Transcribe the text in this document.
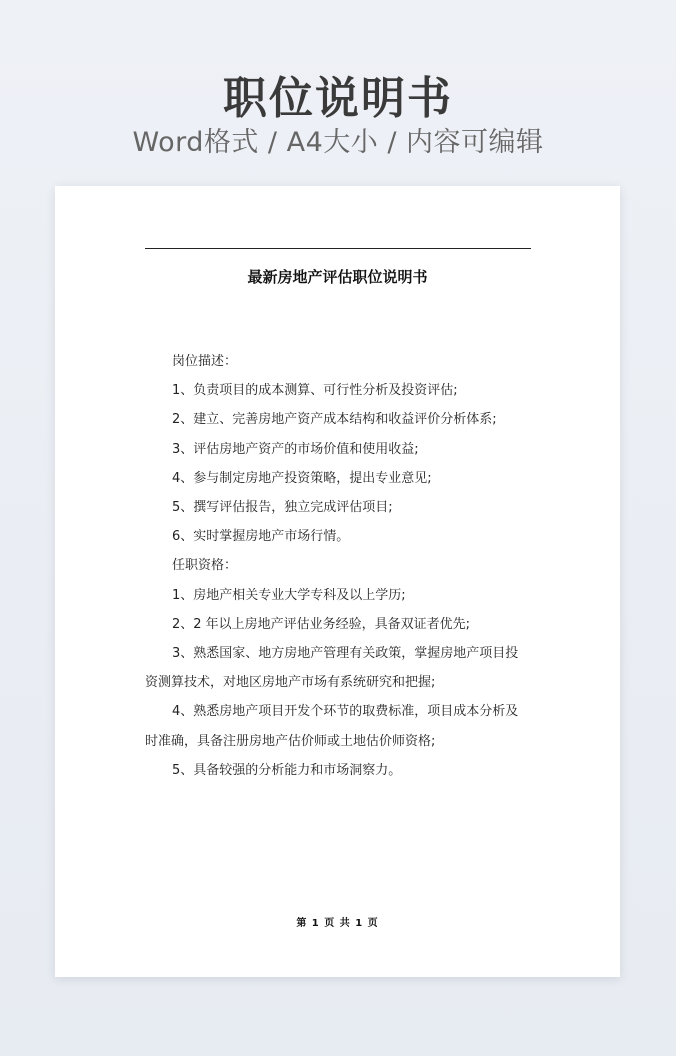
职位说明书
Word格式 / A4大小 / 内容可编辑
最新房地产评估职位说明书

岗位描述：

1、负责项目的成本测算、可行性分析及投资评估;

2、建立、完善房地产资产成本结构和收益评价分析体系;

3、评估房地产资产的市场价值和使用收益;

4、参与制定房地产投资策略，提出专业意见;

5、撰写评估报告，独立完成评估项目;

6、实时掌握房地产市场行情。

任职资格：

1、房地产相关专业大学专科及以上学历;

2、2 年以上房地产评估业务经验，具备双证者优先;

3、熟悉国家、地方房地产管理有关政策，掌握房地产项目投资测算技术，对地区房地产市场有系统研究和把握;

4、熟悉房地产项目开发个环节的取费标准，项目成本分析及时准确，具备注册房地产估价师或土地估价师资格;

5、具备较强的分析能力和市场洞察力。

第 1 页 共 1 页
